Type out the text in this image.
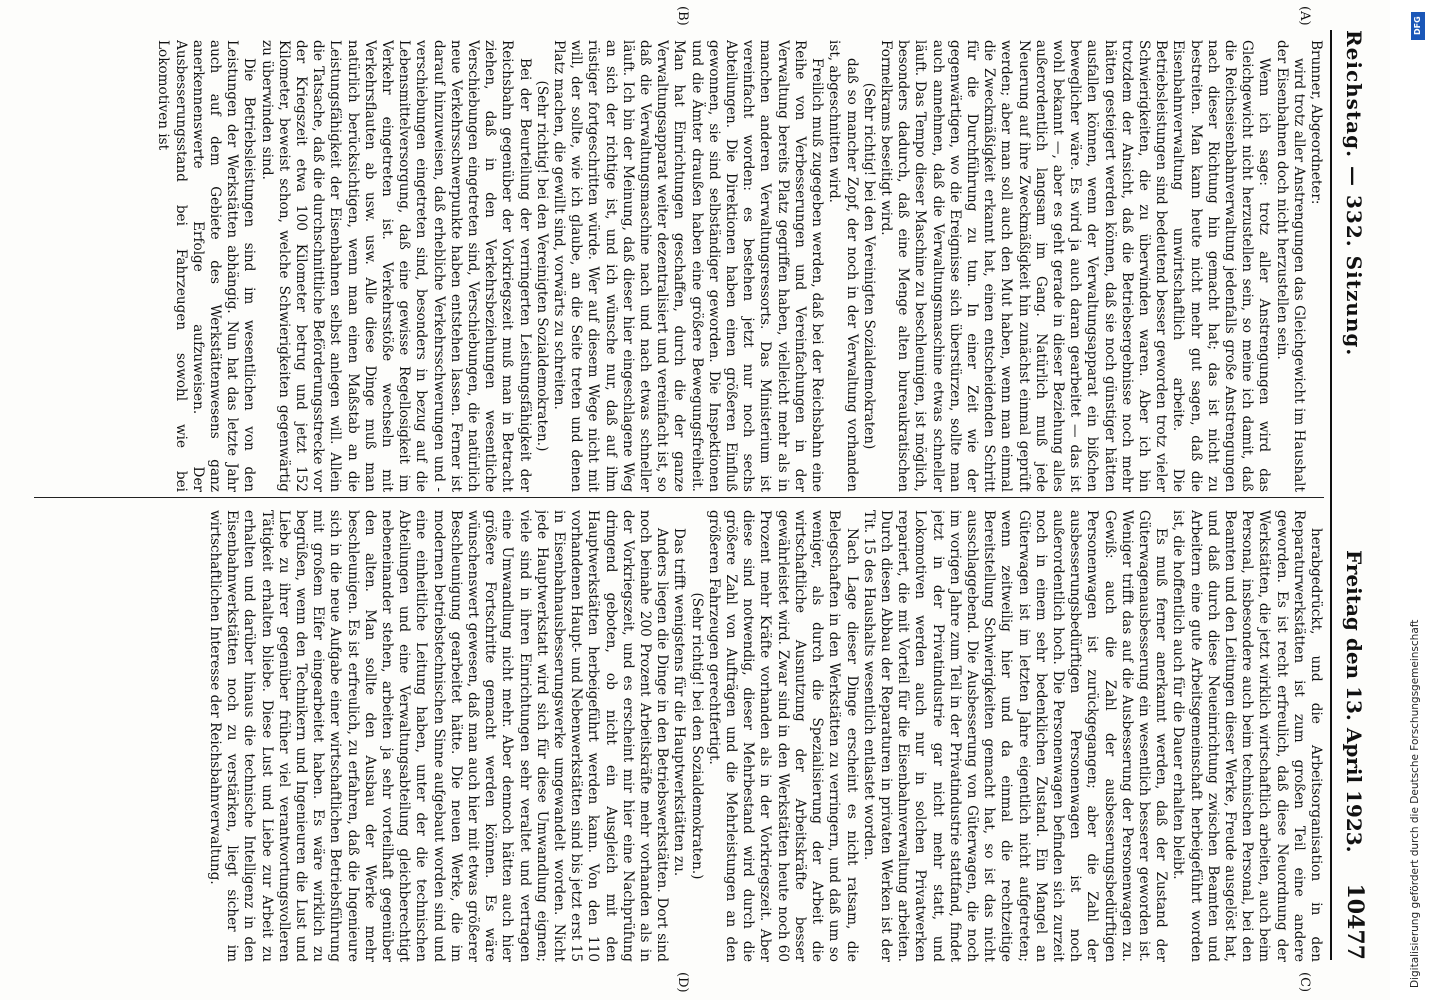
Reichstag. — 332. Sitzung.
Freitag den 13. April 1923.
10477
(A)
(B)
(C)
(D)

Brunner, Abgeordneter:

wird trotz aller Anstrengungen das Gleichgewicht im Haushalt der Eisenbahnen doch nicht herzustellen sein.

Wenn ich sage: trotz aller Anstrengungen wird das Gleichgewicht nicht herzustellen sein, so meine ich damit, daß die Reichseisenbahnverwaltung jedenfalls große Anstrengungen nach dieser Richtung hin gemacht hat; das ist nicht zu bestreiten. Man kann heute nicht mehr gut sagen, daß die Eisenbahnverwaltung unwirtschaftlich arbeite. Die Betriebsleistungen sind bedeutend besser geworden trotz vieler Schwierigkeiten, die zu überwinden waren. Aber ich bin trotzdem der Ansicht, daß die Betriebsergebnisse noch mehr hätten gesteigert werden können, daß sie noch günstiger hätten ausfallen können, wenn der Verwaltungsapparat ein bißchen beweglicher wäre. Es wird ja auch daran gearbeitet — das ist wohl bekannt —, aber es geht gerade in dieser Beziehung alles außerordentlich langsam im Gang. Natürlich muß jede Neuerung auf ihre Zweckmäßigkeit hin zunächst einmal geprüft werden; aber man soll auch den Mut haben, wenn man einmal die Zweckmäßigkeit erkannt hat, einen entscheidenden Schritt für die Durchführung zu tun. In einer Zeit wie der gegenwärtigen, wo die Ereignisse sich überstürzen, sollte man auch annehmen, daß die Verwaltungsmaschine etwas schneller läuft. Das Tempo dieser Maschine zu beschleunigen, ist möglich, besonders dadurch, daß eine Menge alten bureaukratischen Formelkrams beseitigt wird.

(Sehr richtig! bei den Vereinigten Sozialdemokraten)

daß so mancher Zopf, der noch in der Verwaltung vorhanden ist, abgeschnitten wird.

Freilich muß zugegeben werden, daß bei der Reichsbahn eine Reihe von Verbesserungen und Vereinfachungen in der Verwaltung bereits Platz gegriffen haben, vielleicht mehr als in manchen anderen Verwaltungsressorts. Das Ministerium ist vereinfacht worden: es bestehen jetzt nur noch sechs Abteilungen. Die Direktionen haben einen größeren Einfluß gewonnen, sie sind selbständiger geworden. Die Inspektionen und die Ämter draußen haben eine größere Bewegungsfreiheit. Man hat Einrichtungen geschaffen, durch die der ganze Verwaltungsapparat weiter dezentralisiert und vereinfacht ist, so daß die Verwaltungsmaschine nach und nach etwas schneller läuft. Ich bin der Meinung, daß dieser hier eingeschlagene Weg an sich der richtige ist, und ich wünsche nur, daß auf ihm rüstiger fortgeschritten würde. Wer auf diesem Wege nicht mit will, der sollte, wie ich glaube, an die Seite treten und denen Platz machen, die gewillt sind, vorwärts zu schreiten.

(Sehr richtig! bei den Vereinigten Sozialdemokraten.)

Bei der Beurteilung der verringerten Leistungsfähigkeit der Reichsbahn gegenüber der Vorkriegszeit muß man in Betracht ziehen, daß in den Verkehrsbeziehungen wesentliche Verschiebungen eingetreten sind, Verschiebungen, die natürlich neue Verkehrsschwerpunkte haben entstehen lassen. Ferner ist darauf hinzuweisen, daß erhebliche Verkehrsschwerungen und -verschiebungen eingetreten sind, besonders in bezug auf die Lebensmittelversorgung, daß eine gewisse Regellosigkeit im Verkehr eingetreten ist. Verkehrsstöße wechseln mit Verkehrsflauten ab usw. usw. Alle diese Dinge muß man natürlich berücksichtigen, wenn man einen Maßstab an die Leistungsfähigkeit der Eisenbahnen selbst anlegen will. Allein die Tatsache, daß die durchschnittliche Beförderungsstrecke vor der Kriegszeit etwa 100 Kilometer betrug und jetzt 152 Kilometer, beweist schon, welche Schwierigkeiten gegenwärtig zu überwinden sind.

Die Betriebsleistungen sind im wesentlichen von den Leistungen der Werkstätten abhängig. Nun hat das letzte Jahr auch auf dem Gebiete des Werkstättenwesens ganz anerkennenswerte Erfolge aufzuweisen. Der Ausbesserungsstand bei Fahrzeugen sowohl wie bei Lokomotiven ist

herabgedrückt, und die Arbeitsorganisation in den Reparaturwerkstätten ist zum großen Teil eine andere geworden. Es ist recht erfreulich, daß diese Neuordnung der Werkstätten, die jetzt wirklich wirtschaftlich arbeiten, auch beim Personal, insbesondere auch beim technischen Personal, bei den Beamten und den Leitungen dieser Werke, Freude ausgelöst hat, und daß durch diese Neueinrichtung zwischen Beamten und Arbeitern eine gute Arbeitsgemeinschaft herbeigeführt worden ist, die hoffentlich auch für die Dauer erhalten bleibt.

Es muß ferner anerkannt werden, daß der Zustand der Güterwagenausbesserung ein wesentlich besserer geworden ist. Weniger trifft das auf die Ausbesserung der Personenwagen zu. Gewiß: auch die Zahl der ausbesserungsbedürftigen Personenwagen ist zurückgegangen; aber die Zahl der ausbesserungsbedürftigen Personenwagen ist noch außerordentlich hoch. Die Personenwagen befinden sich zurzeit noch in einem sehr bedenklichen Zustand. Ein Mangel an Güterwagen ist im letzten Jahre eigentlich nicht aufgetreten; wenn zeitweilig hier und da einmal die rechtzeitige Bereitstellung Schwierigkeiten gemacht hat, so ist das nicht ausschlaggebend. Die Ausbesserung von Güterwagen, die noch im vorigen Jahre zum Teil in der Privatindustrie stattfand, findet jetzt in der Privatindustrie gar nicht mehr statt, und Lokomotiven werden auch nur in solchen Privatwerken repariert, die mit Vorteil für die Eisenbahnverwaltung arbeiten. Durch diesen Abbau der Reparaturen in privaten Werken ist der Tit. 15 des Haushalts wesentlich entlastet worden.

Nach Lage dieser Dinge erscheint es nicht ratsam, die Belegschaften in den Werkstätten zu verringern, und daß um so weniger, als durch die Spezialisierung der Arbeit die wirtschaftliche Ausnutzung der Arbeitskräfte besser gewährleistet wird. Zwar sind in den Werkstätten heute noch 60 Prozent mehr Kräfte vorhanden als in der Vorkriegszeit. Aber diese sind notwendig, dieser Mehrbestand wird durch die größere Zahl von Aufträgen und die Mehrleistungen an den größeren Fahrzeugen gerechtfertigt.

(Sehr richtig! bei den Sozialdemokraten.)

Das trifft wenigstens für die Hauptwerkstätten zu.

Anders liegen die Dinge in den Betriebswerkstätten. Dort sind noch beinahe 200 Prozent Arbeitskräfte mehr vorhanden als in der Vorkriegszeit, und es erscheint mir hier eine Nachprüfung dringend geboten, ob nicht ein Ausgleich mit den Hauptwerkstätten herbeigeführt werden kann. Von den 110 vorhandenen Haupt- und Nebenwerkstätten sind bis jetzt erst 15 in Eisenbahnausbesserungswerke umgewandelt worden. Nicht jede Hauptwerkstatt wird sich für diese Umwandlung eignen; viele sind in ihren Einrichtungen sehr veraltet und vertragen eine Umwandlung nicht mehr. Aber dennoch hätten auch hier größere Fortschritte gemacht werden können. Es wäre wünschenswert gewesen, daß man auch hier mit etwas größerer Beschleunigung gearbeitet hätte. Die neuen Werke, die im modernen betriebstechnischen Sinne aufgebaut worden sind und eine einheitliche Leitung haben, unter der die technischen Abteilungen und eine Verwaltungsabteilung gleichberechtigt nebeneinander stehen, arbeiten ja sehr vorteilhaft gegenüber den alten. Man sollte den Ausbau der Werke mehr beschleunigen. Es ist erfreulich, zu erfahren, daß die Ingenieure sich in die neue Aufgabe einer wirtschaftlichen Betriebsführung mit großem Eifer eingearbeitet haben. Es wäre wirklich zu begrüßen, wenn den Technikern und Ingenieuren die Lust und Liebe zu ihrer gegenüber früher viel verantwortungsvolleren Tätigkeit erhalten bliebe. Diese Lust und Liebe zur Arbeit zu erhalten und darüber hinaus die technische Intelligenz in den Eisenbahnwerkstätten noch zu verstärken, liegt sicher im wirtschaftlichen Interesse der Reichsbahnverwaltung.

DFG
Digitalisierung gefördert durch die Deutsche Forschungsgemeinschaft
